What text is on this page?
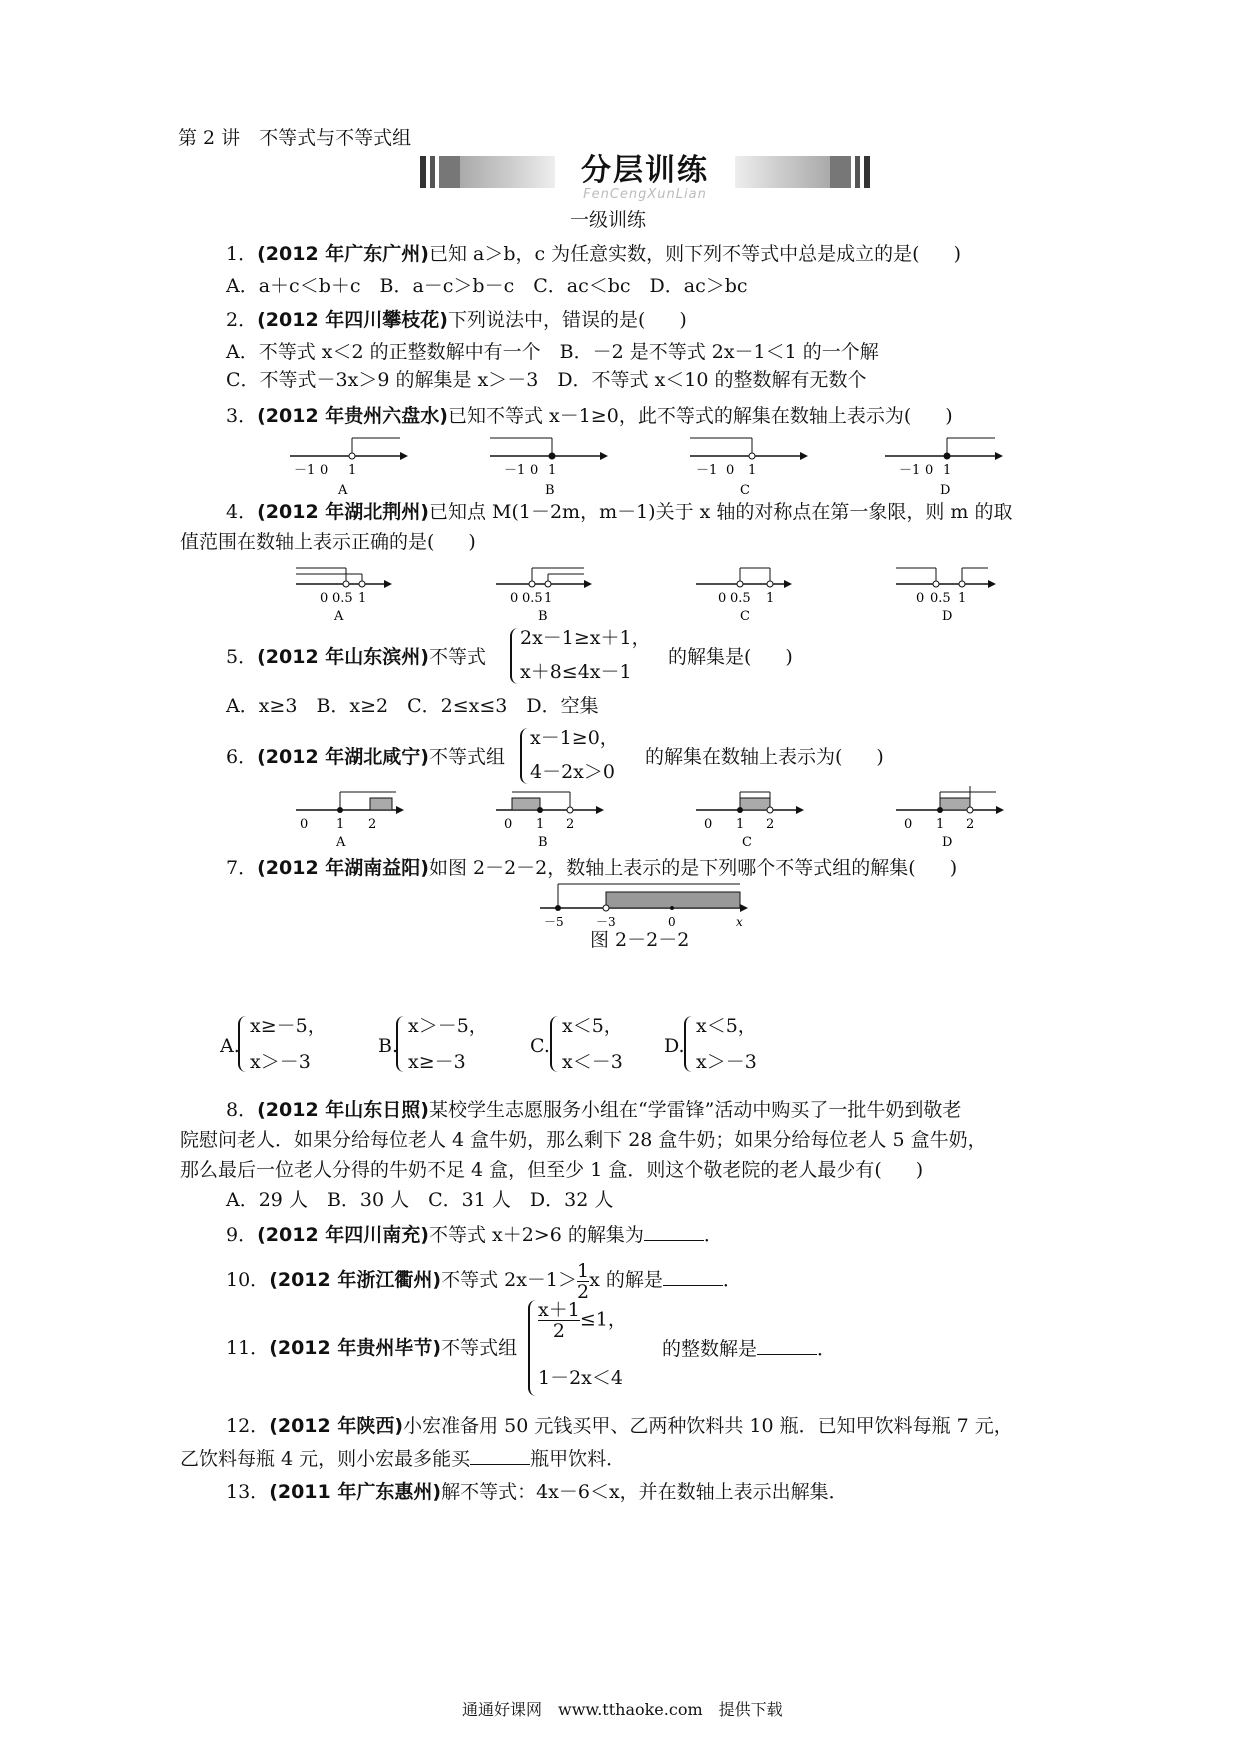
第 2 讲　不等式与不等式组
分层训练
FenCengXunLian
一级训练
1．(2012 年广东广州)已知 a＞b，c 为任意实数，则下列不等式中总是成立的是( )
A．a＋c＜b＋c　B．a－c＞b－c　C．ac＜bc　D．ac＞bc
2．(2012 年四川攀枝花)下列说法中，错误的是( )
A．不等式 x＜2 的正整数解中有一个　B．－2 是不等式 2x－1＜1 的一个解
C．不等式－3x＞9 的解集是 x＞－3　D．不等式 x＜10 的整数解有无数个
3．(2012 年贵州六盘水)已知不等式 x－1≥0，此不等式的解集在数轴上表示为( )
－1 0 1
A
－1 0 1
B
－1 0 1
C
－1 0 1
D
4．(2012 年湖北荆州)已知点 M(1－2m，m－1)关于 x 轴的对称点在第一象限，则 m 的取
值范围在数轴上表示正确的是( )
0 0.5 1
A
0 0.5 1
B
0 0.5 1
C
0 0.5 1
D
5．(2012 年山东滨州)不等式
2x－1≥x＋1，
x＋8≤4x－1
的解集是( )
A．x≥3　B．x≥2　C．2≤x≤3　D．空集
6．(2012 年湖北咸宁)不等式组
x－1≥0，
4－2x＞0
的解集在数轴上表示为( )
0 1 2
A
0 1 2
B
0 1 2
C
0 1 2
D
7．(2012 年湖南益阳)如图 2－2－2，数轴上表示的是下列哪个不等式组的解集( )
－5	－3	0	x
图 2－2－2
A.
x≥－5，
x＞－3
B.
x＞－5，
x≥－3
C.
x＜5，
x＜－3
D.
x＜5，
x＞－3
8．(2012 年山东日照)某校学生志愿服务小组在“学雷锋”活动中购买了一批牛奶到敬老
院慰问老人．如果分给每位老人 4 盒牛奶，那么剩下 28 盒牛奶；如果分给每位老人 5 盒牛奶，
那么最后一位老人分得的牛奶不足 4 盒，但至少 1 盒．则这个敬老院的老人最少有( )
A．29 人　B．30 人　C．31 人　D．32 人
9．(2012 年四川南充)不等式 x＋2>6 的解集为	．
10．(2012 年浙江衢州)不等式 $2x-1> \frac{1}{2}$ x 的解是	．
11．(2012 年贵州毕节)不等式组
$\frac{x+1}{2} \le 1$，
1－2x＜4
的整数解是	．
12．(2012 年陕西)小宏准备用 50 元钱买甲、乙两种饮料共 10 瓶．已知甲饮料每瓶 7 元，
乙饮料每瓶 4 元，则小宏最多能买	瓶甲饮料．
13．(2011 年广东惠州)解不等式：4x－6＜x，并在数轴上表示出解集．
通通好课网　www.tthaoke.com　提供下载
